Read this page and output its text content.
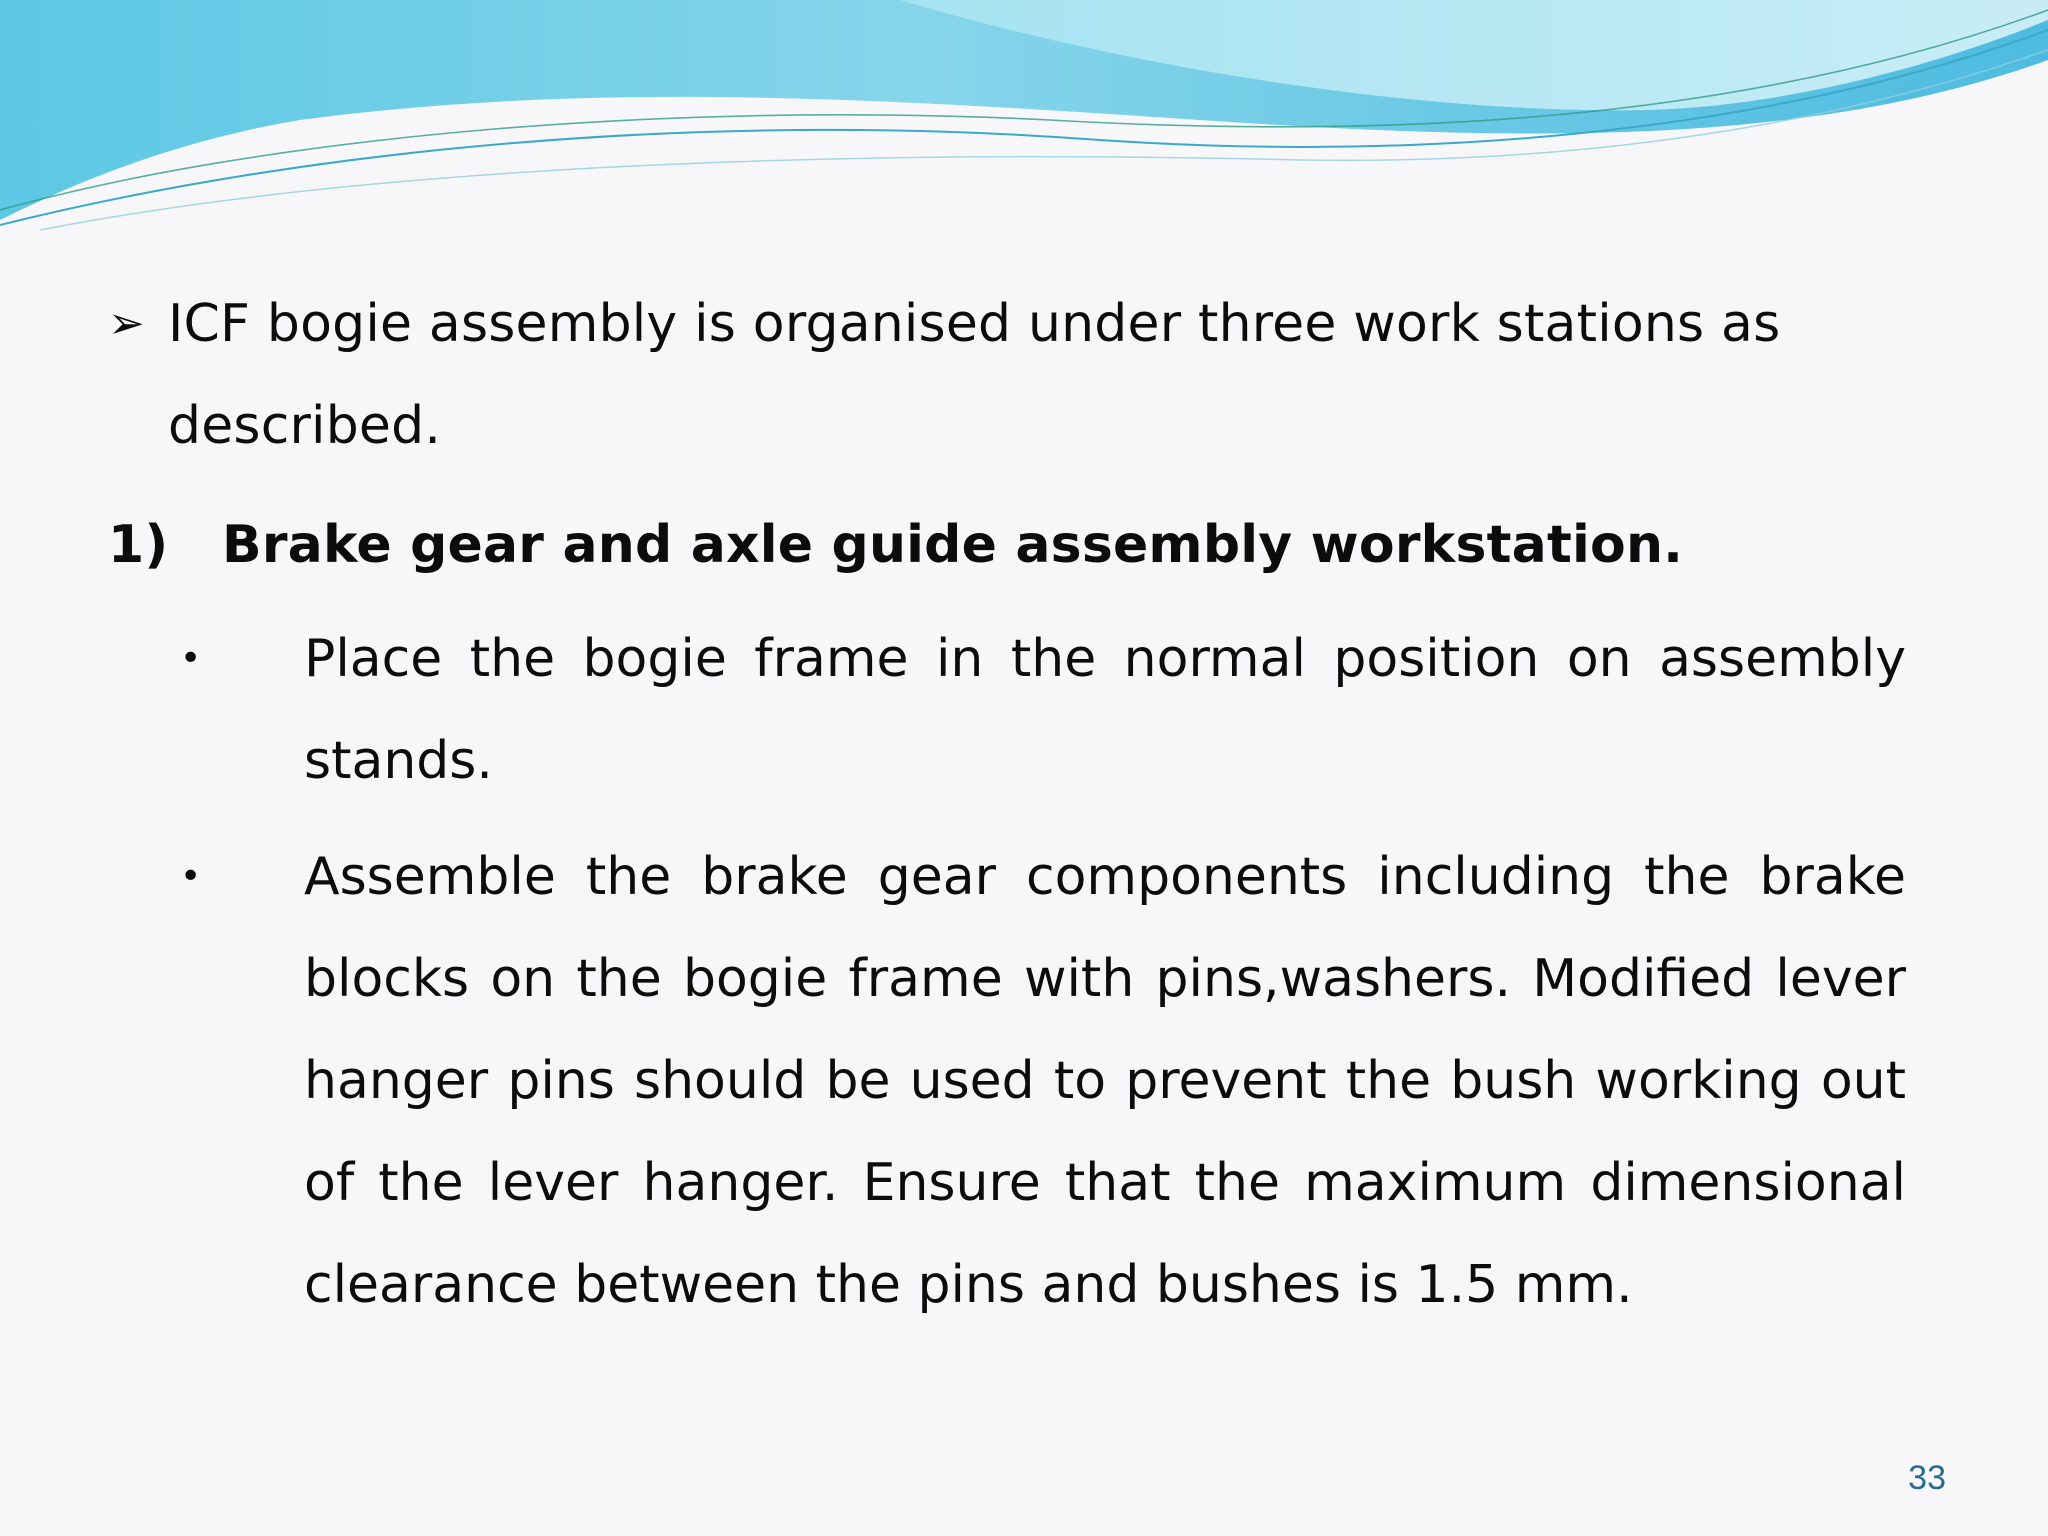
➢ ICF bogie assembly is organised under three work stations as described.
1) Brake gear and axle guide assembly workstation.
• Place the bogie frame in the normal position on assembly stands.
• Assemble the brake gear components including the brake blocks on the bogie frame with pins,washers. Modified lever hanger pins should be used to prevent the bush working out of the lever hanger. Ensure that the maximum dimensional clearance between the pins and bushes is 1.5 mm.
33
